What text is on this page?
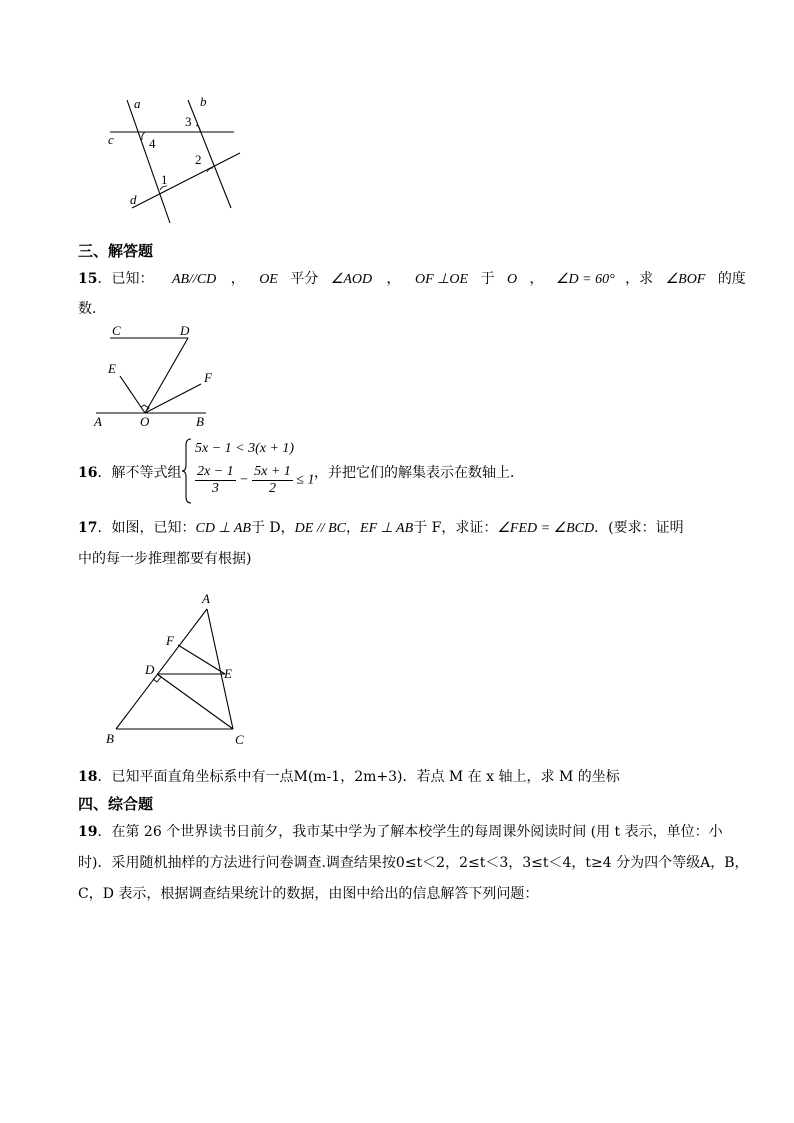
a	b
c
d
1
2
3
4
三、解答题
15．已知： AB//CD ， OE 平分 ∠AOD ， OF ⊥OE 于 O ， ∠D = 60° ，求 ∠BOF 的度
数．
C	D
E
F
A	O	B
16．解不等式组
5x − 1 < 3(x + 1)
$\frac{2x - 1}{3} - \frac{5x + 1}{2} \le 1$ ，并把它们的解集表示在数轴上．
17．如图，已知：CD ⊥ AB于 D，DE // BC，EF ⊥ AB于 F，求证：∠FED = ∠BCD．(要求：证明
中的每一步推理都要有根据)
A
F
D	E
B	C
18．已知平面直角坐标系中有一点M(m-1，2m+3)．若点 M 在 x 轴上，求 M 的坐标
四、综合题
19．在第 26 个世界读书日前夕，我市某中学为了解本校学生的每周课外阅读时间 (用 t 表示，单位：小
时)．采用随机抽样的方法进行问卷调查.调查结果按0≤t＜2，2≤t＜3，3≤t＜4，t≥4 分为四个等级A，B，
C，D 表示，根据调查结果统计的数据，由图中给出的信息解答下列问题：
